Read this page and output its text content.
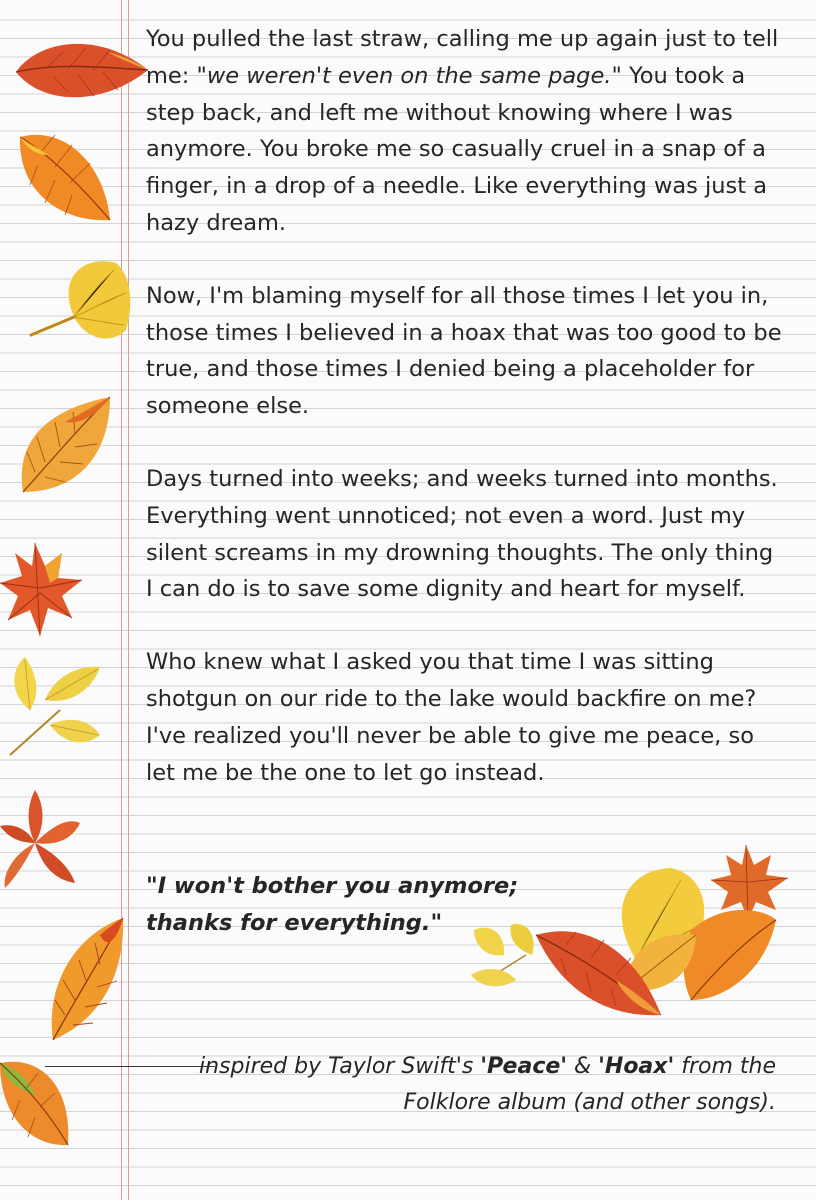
You pulled the last straw, calling me up again just to tell me: "we weren't even on the same page." You took a step back, and left me without knowing where I was anymore. You broke me so casually cruel in a snap of a finger, in a drop of a needle. Like everything was just a hazy dream.

Now, I'm blaming myself for all those times I let you in, those times I believed in a hoax that was too good to be true, and those times I denied being a placeholder for someone else.

Days turned into weeks; and weeks turned into months. Everything went unnoticed; not even a word. Just my silent screams in my drowning thoughts. The only thing I can do is to save some dignity and heart for myself.

Who knew what I asked you that time I was sitting shotgun on our ride to the lake would backfire on me? I've realized you'll never be able to give me peace, so let me be the one to let go instead.

"I won't bother you anymore;
thanks for everything."
inspired by Taylor Swift's 'Peace' & 'Hoax' from the Folklore album (and other songs).
